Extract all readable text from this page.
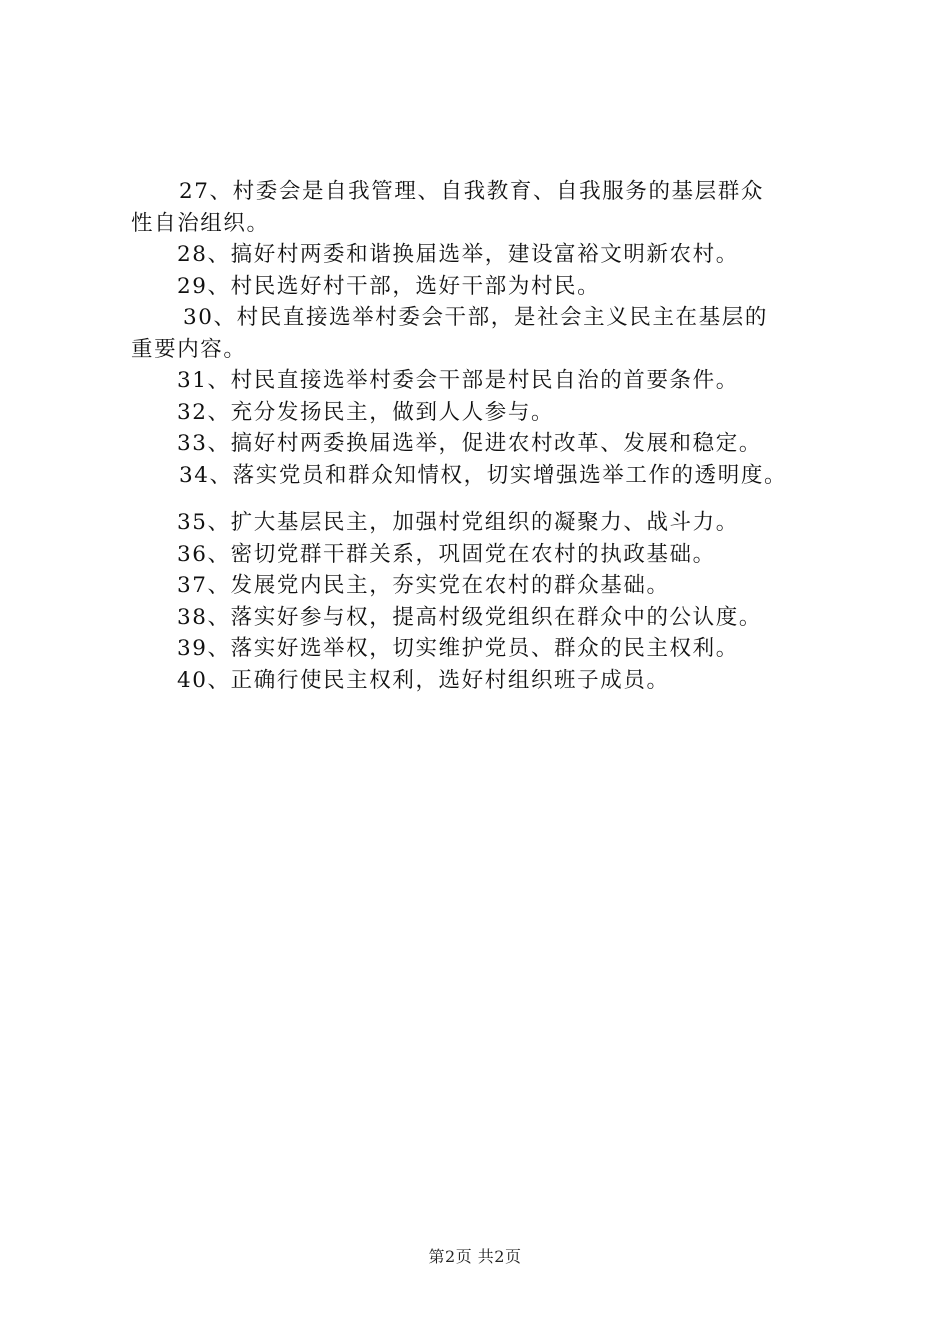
27、村委会是自我管理、自我教育、自我服务的基层群众
性自治组织。
28、搞好村两委和谐换届选举，建设富裕文明新农村。
29、村民选好村干部，选好干部为村民。
30、村民直接选举村委会干部，是社会主义民主在基层的
重要内容。
31、村民直接选举村委会干部是村民自治的首要条件。
32、充分发扬民主，做到人人参与。
33、搞好村两委换届选举，促进农村改革、发展和稳定。
34、落实党员和群众知情权，切实增强选举工作的透明度。
35、扩大基层民主，加强村党组织的凝聚力、战斗力。
36、密切党群干群关系，巩固党在农村的执政基础。
37、发展党内民主，夯实党在农村的群众基础。
38、落实好参与权，提高村级党组织在群众中的公认度。
39、落实好选举权，切实维护党员、群众的民主权利。
40、正确行使民主权利，选好村组织班子成员。
第2页 共2页
